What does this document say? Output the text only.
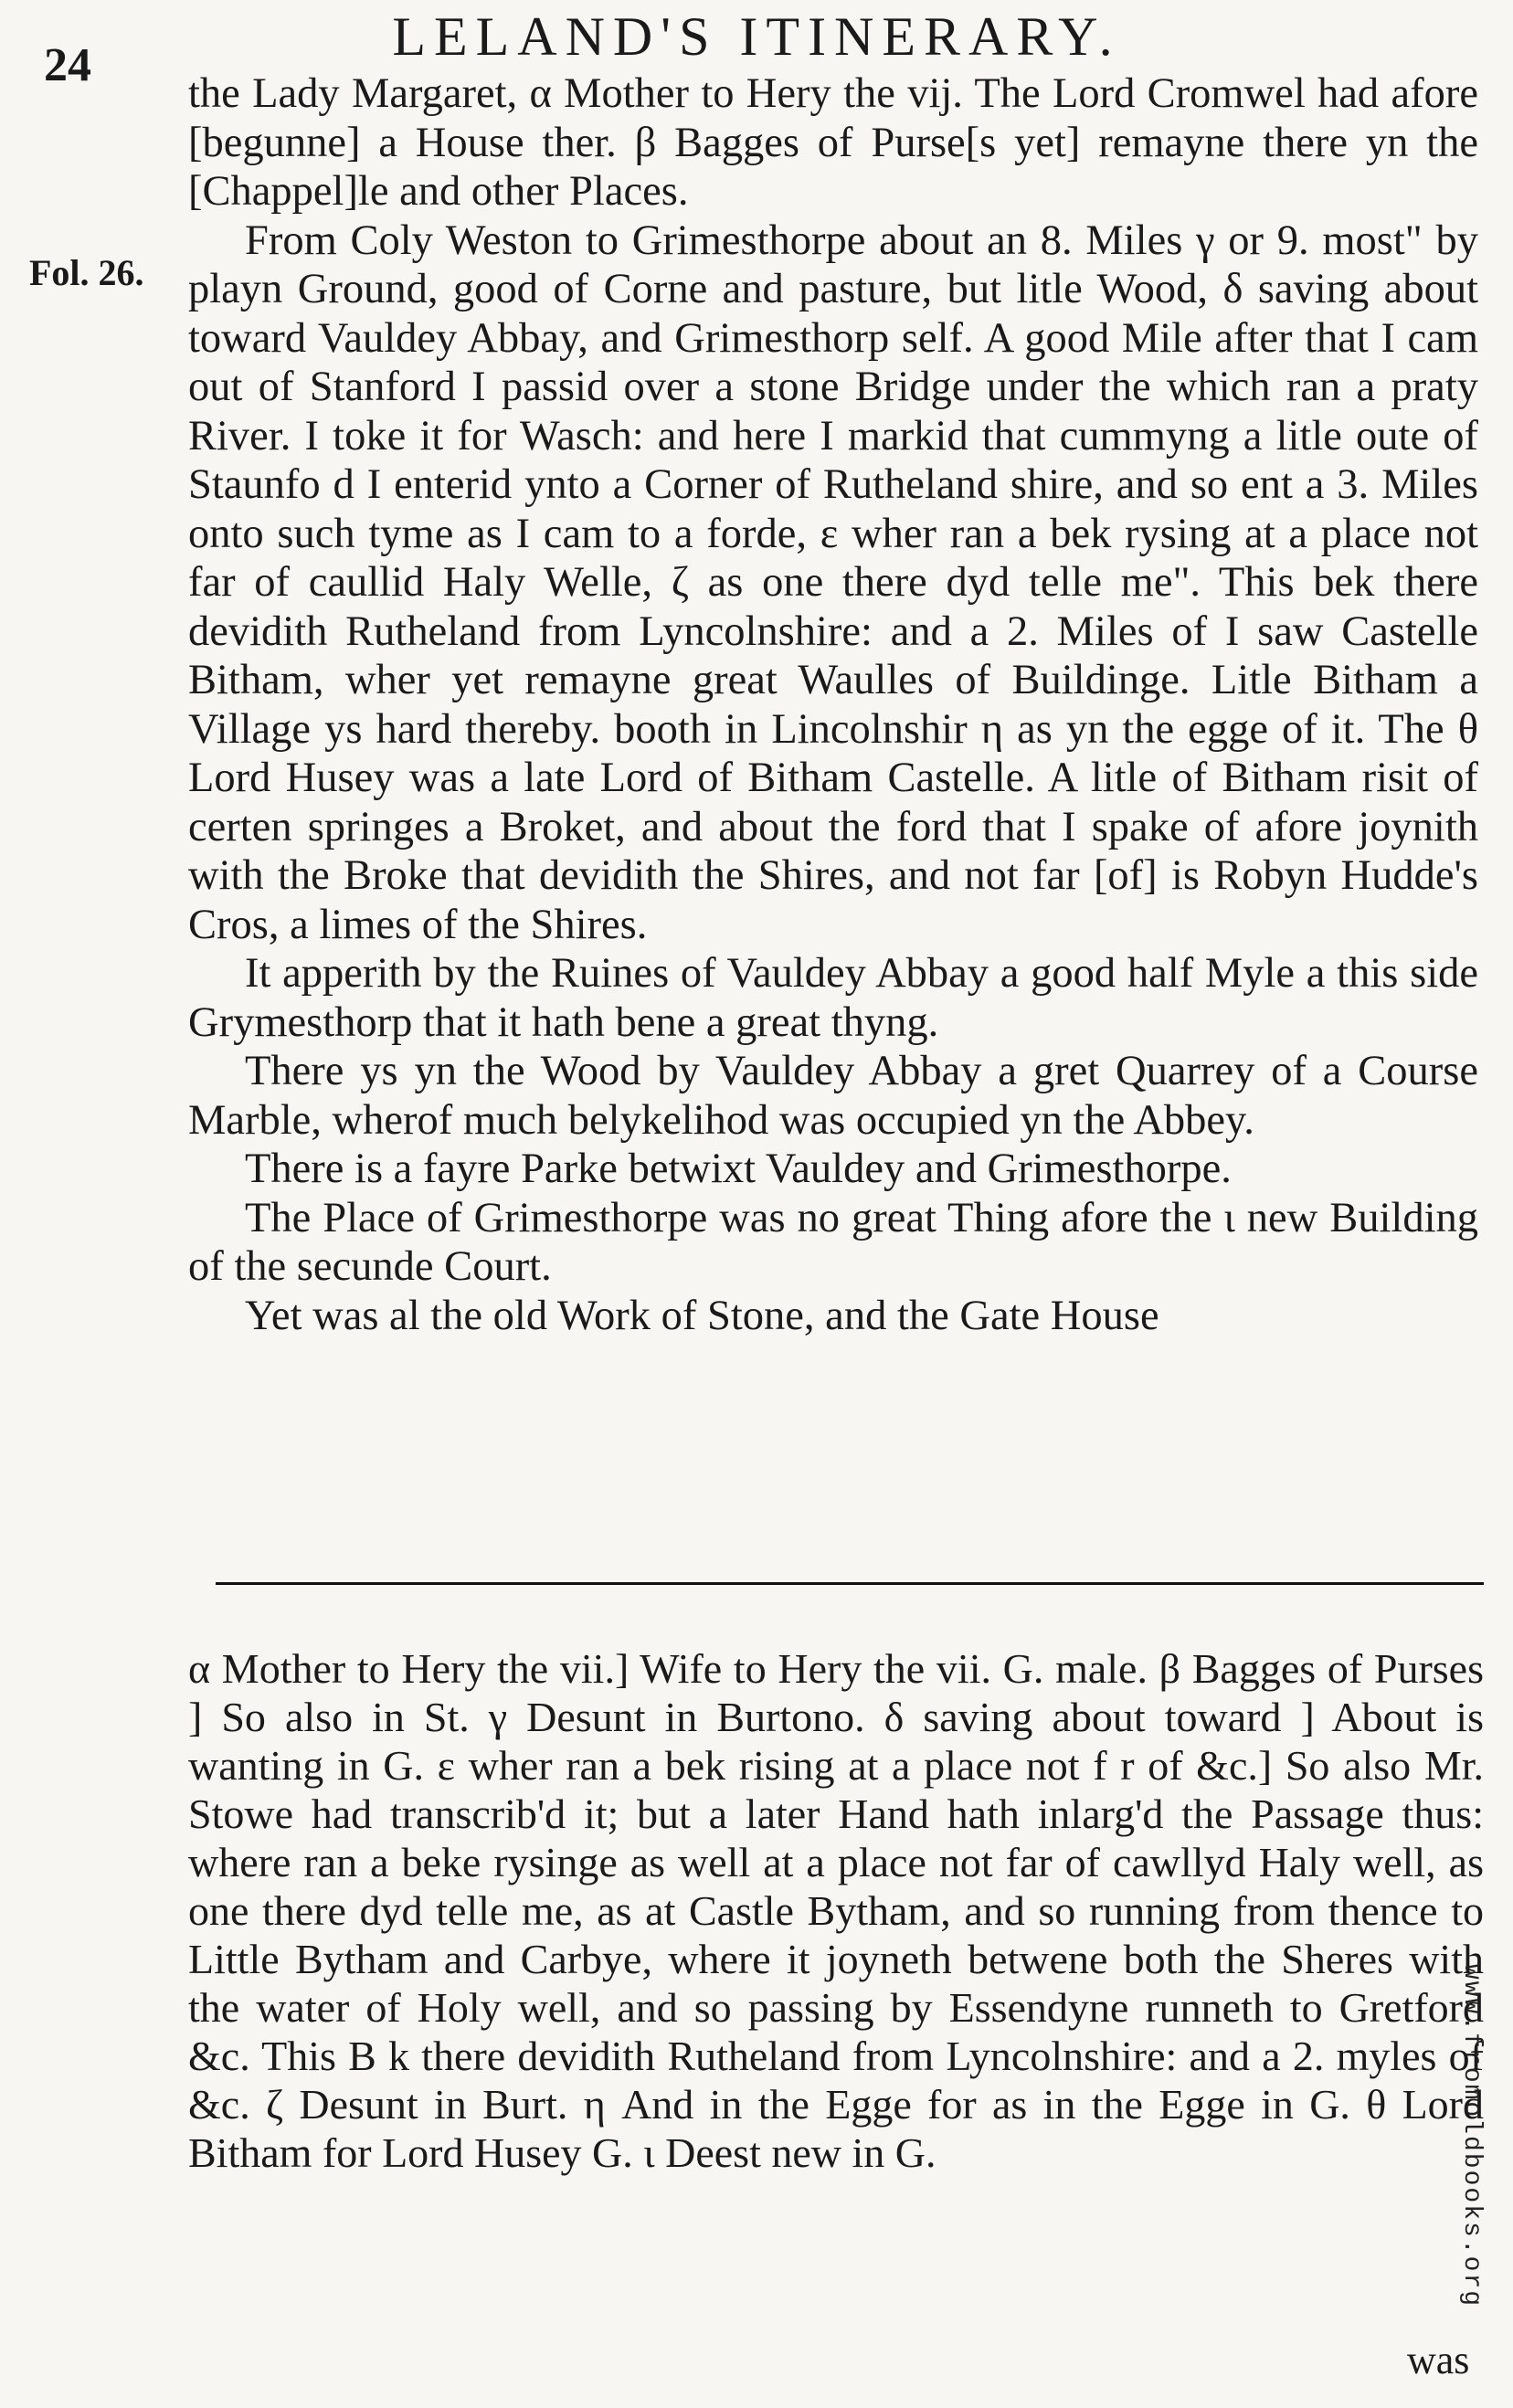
LELAND'S ITINERARY.
24
Fol. 26.

the Lady Margaret, α Mother to Hery the vij. The Lord Cromwel had afore [begunne] a House ther. β Bagges of Purse[s yet] remayne there yn the [Chappel]le and other Places.

From Coly Weston to Grimesthorpe about an 8. Miles γ or 9. most" by playn Ground, good of Corne and pasture, but litle Wood, δ saving about toward Vauldey Abbay, and Grimesthorp self. A good Mile after that I cam out of Stanford I passid over a stone Bridge under the which ran a praty River. I toke it for Wasch: and here I markid that cummyng a litle oute of Staunfo d I enterid ynto a Corner of Rutheland shire, and so ent a 3. Miles onto such tyme as I cam to a forde, ε wher ran a bek rysing at a place not far of caullid Haly Welle, ζ as one there dyd telle me". This bek there devidith Rutheland from Lyncolnshire: and a 2. Miles of I saw Castelle Bitham, wher yet remayne great Waulles of Buildinge. Litle Bitham a Village ys hard thereby. booth in Lincolnshir η as yn the egge of it. The θ Lord Husey was a late Lord of Bitham Castelle. A litle of Bitham risit of certen springes a Broket, and about the ford that I spake of afore joynith with the Broke that devidith the Shires, and not far [of] is Robyn Hudde's Cros, a limes of the Shires.

It apperith by the Ruines of Vauldey Abbay a good half Myle a this side Grymesthorp that it hath bene a great thyng.

There ys yn the Wood by Vauldey Abbay a gret Quarrey of a Course Marble, wherof much belykelihod was occupied yn the Abbey.

There is a fayre Parke betwixt Vauldey and Grimesthorpe.

The Place of Grimesthorpe was no great Thing afore the ι new Building of the secunde Court.

Yet was al the old Work of Stone, and the Gate House

α Mother to Hery the vii.] Wife to Hery the vii. G. male. β Bagges of Purses ] So also in St. γ Desunt in Burtono. δ saving about toward ] About is wanting in G. ε wher ran a bek rising at a place not f r of &c.] So also Mr. Stowe had transcrib'd it; but a later Hand hath inlarg'd the Passage thus: where ran a beke rysinge as well at a place not far of cawllyd Haly well, as one there dyd telle me, as at Castle Bytham, and so running from thence to Little Bytham and Carbye, where it joyneth betwene both the Sheres with the water of Holy well, and so passing by Essendyne runneth to Gretford &c. This B k there devidith Rutheland from Lyncolnshire: and a 2. myles of &c. ζ Desunt in Burt. η And in the Egge for as in the Egge in G. θ Lord Bitham for Lord Husey G. ι Deest new in G.

was
www.fromoldbooks.org
